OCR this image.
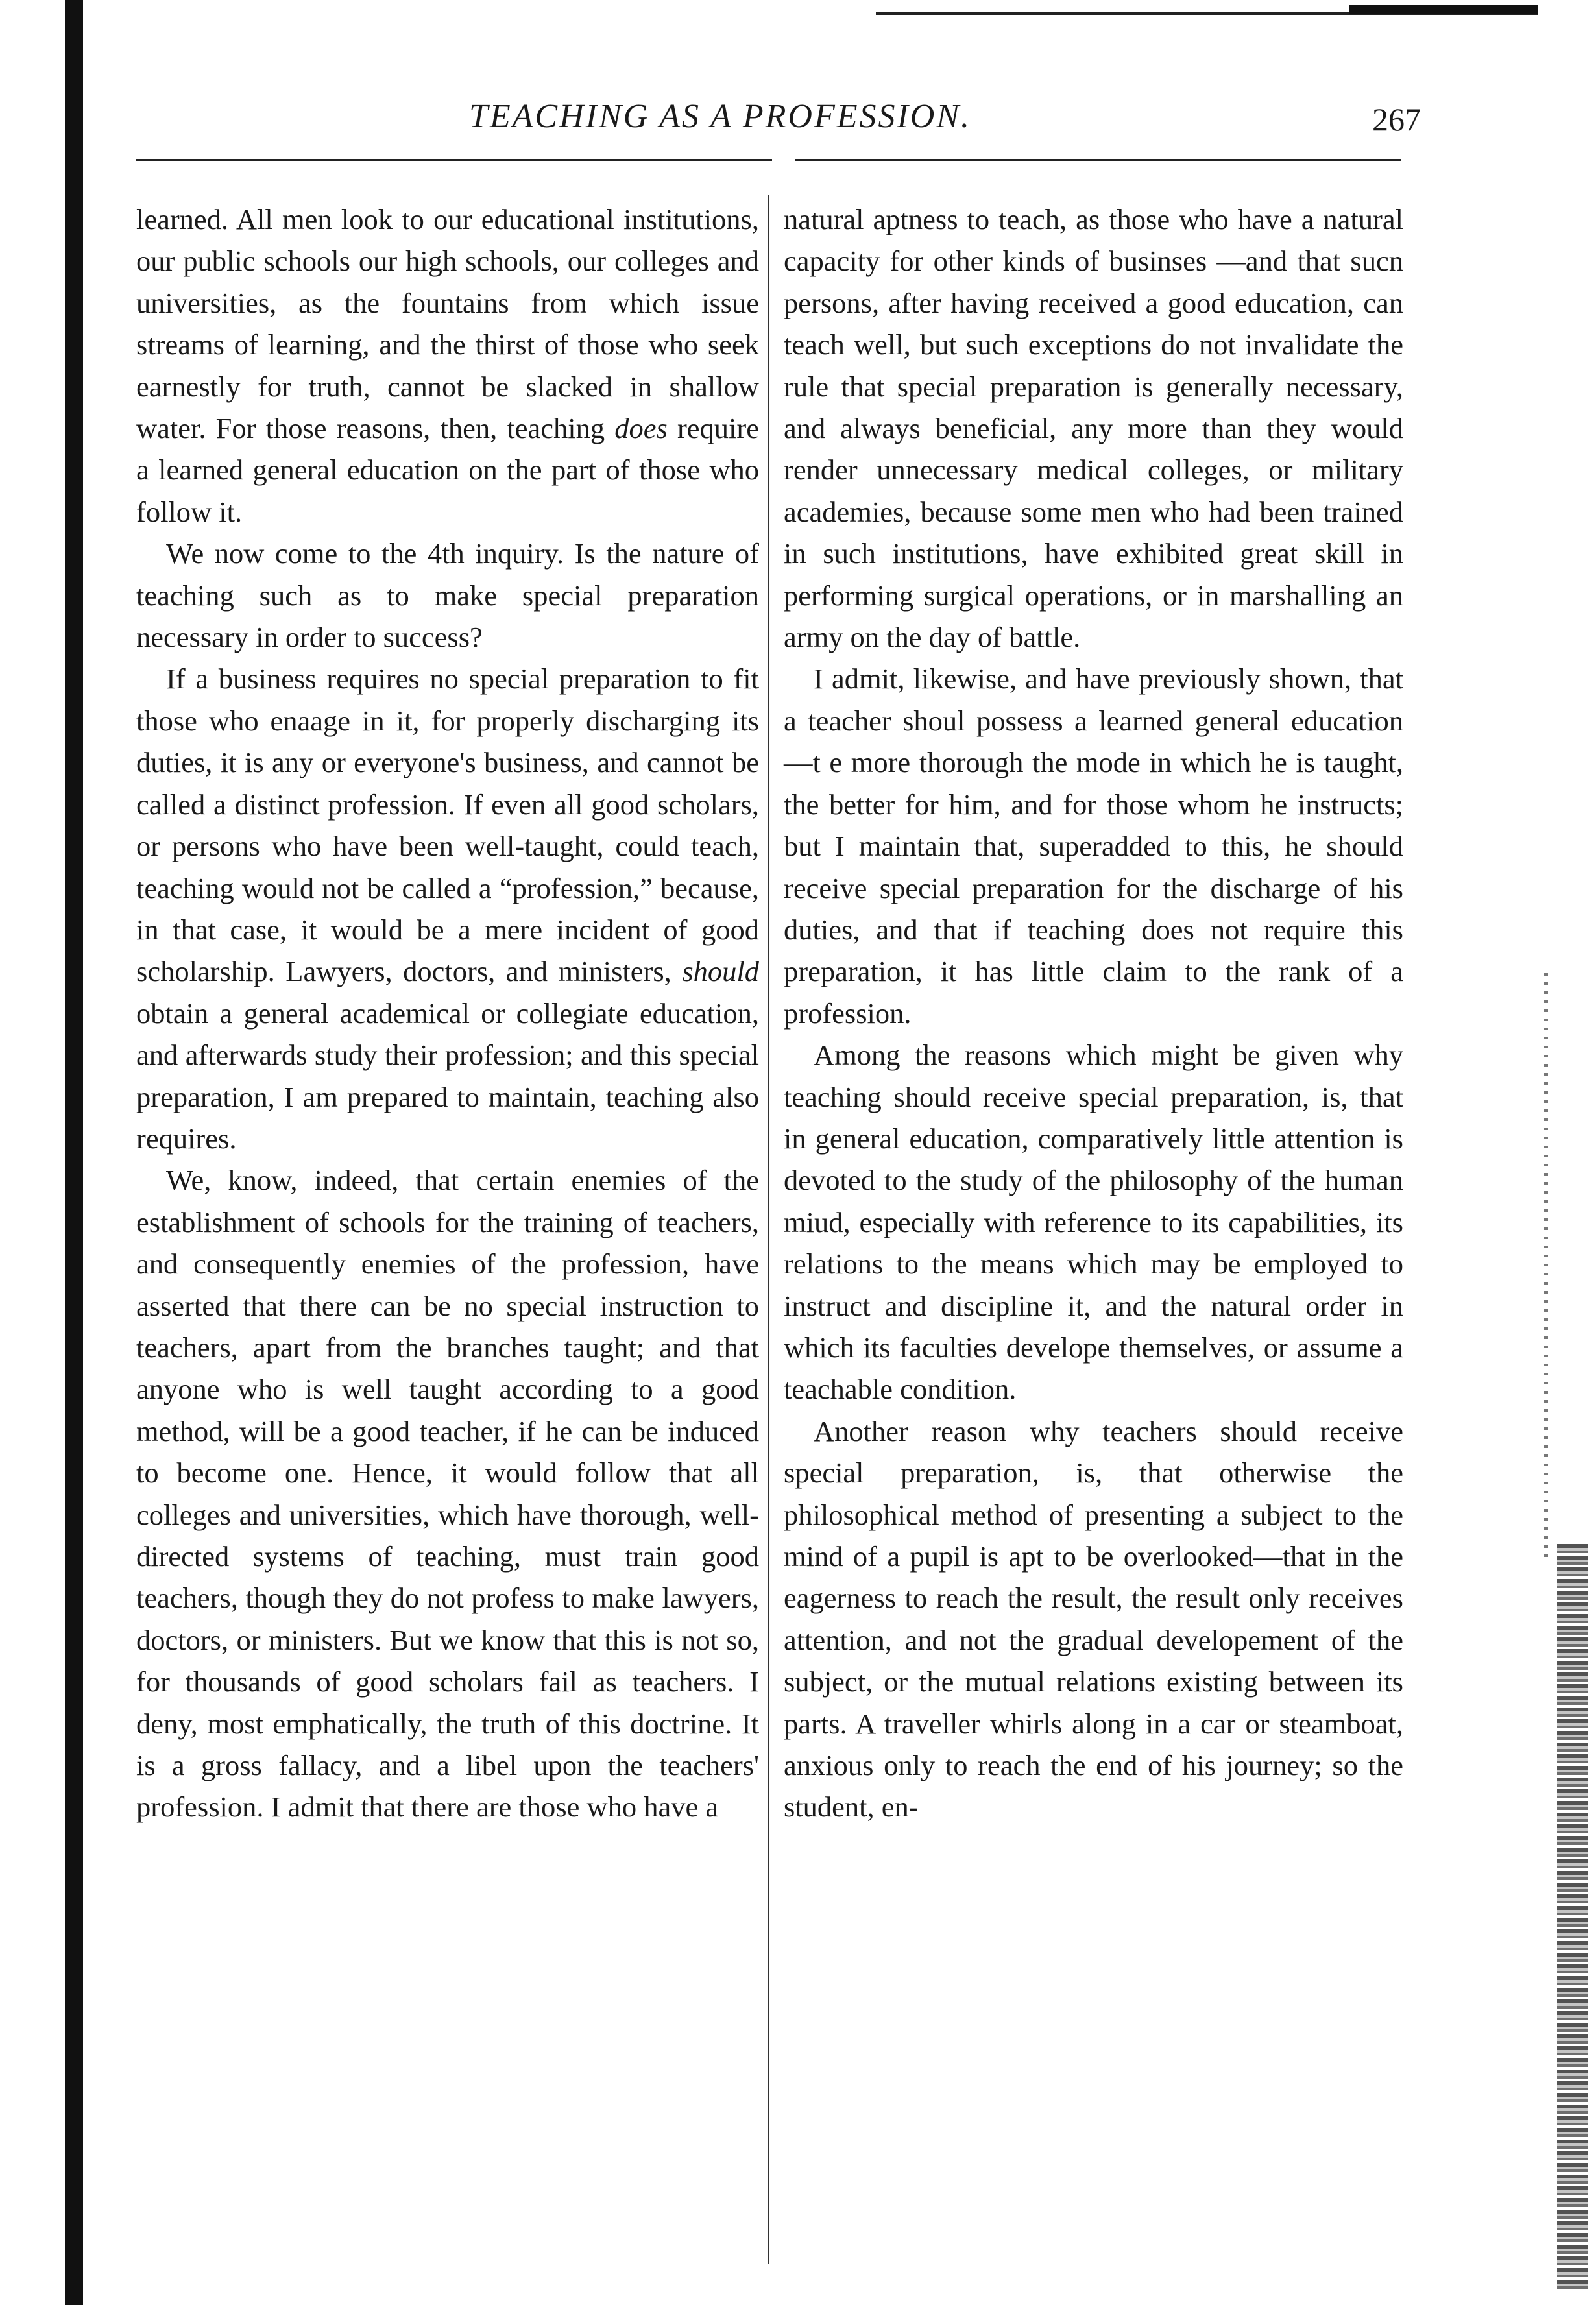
TEACHING AS A PROFESSION.	267

learned. All men look to our educational institutions, our public schools our high schools, our colleges and universities, as the fountains from which issue streams of learning, and the thirst of those who seek earnestly for truth, cannot be slacked in shallow water. For those reasons, then, teaching does require a learned general education on the part of those who follow it.

We now come to the 4th inquiry. Is the nature of teaching such as to make special preparation necessary in order to success?

If a business requires no special preparation to fit those who enaage in it, for properly discharging its duties, it is any or everyone's business, and cannot be called a distinct profession. If even all good scholars, or persons who have been well-taught, could teach, teaching would not be called a “profession,” because, in that case, it would be a mere incident of good scholarship. Lawyers, doctors, and ministers, should obtain a general academical or collegiate education, and afterwards study their profession; and this special preparation, I am prepared to maintain, teaching also requires.

We, know, indeed, that certain enemies of the establishment of schools for the training of teachers, and consequently enemies of the profession, have asserted that there can be no special instruction to teachers, apart from the branches taught; and that anyone who is well taught according to a good method, will be a good teacher, if he can be induced to become one. Hence, it would follow that all colleges and universities, which have thorough, well-directed systems of teaching, must train good teachers, though they do not profess to make lawyers, doctors, or ministers. But we know that this is not so, for thousands of good scholars fail as teachers. I deny, most emphatically, the truth of this doctrine. It is a gross fallacy, and a libel upon the teachers' profession. I admit that there are those who have a

natural aptness to teach, as those who have a natural capacity for other kinds of businses —and that sucn persons, after having received a good education, can teach well, but such exceptions do not invalidate the rule that special preparation is generally necessary, and always beneficial, any more than they would render unnecessary medical colleges, or military academies, because some men who had been trained in such institutions, have exhibited great skill in performing surgical operations, or in marshalling an army on the day of battle.

I admit, likewise, and have previously shown, that a teacher shoul​ possess a learned general education—t​ ​e more thorough the mode in which he is taught, the better for him, and for those whom he instructs; but I maintain that, superadded to this, he should receive special preparation for the discharge of his duties, and that if teaching does not require this preparation, it has little claim to the rank of a profession.

Among the reasons which might be given why teaching should receive special preparation, is, that in general education, comparatively little attention is devoted to the study of the philosophy of the human miud, especially with reference to its capabilities, its relations to the means which may be employed to instruct and discipline it, and the natural order in which its faculties develope themselves, or assume a teachable condition.

Another reason why teachers should receive special preparation, is, that otherwise the philosophical method of presenting a subject to the mind of a pupil is apt to be overlooked—that in the eagerness to reach the result, the result only receives attention, and not the gradual developement of the subject, or the mutual relations existing between its parts. A traveller whirls along in a car or steamboat, anxious only to reach the end of his journey; so the student, en-
